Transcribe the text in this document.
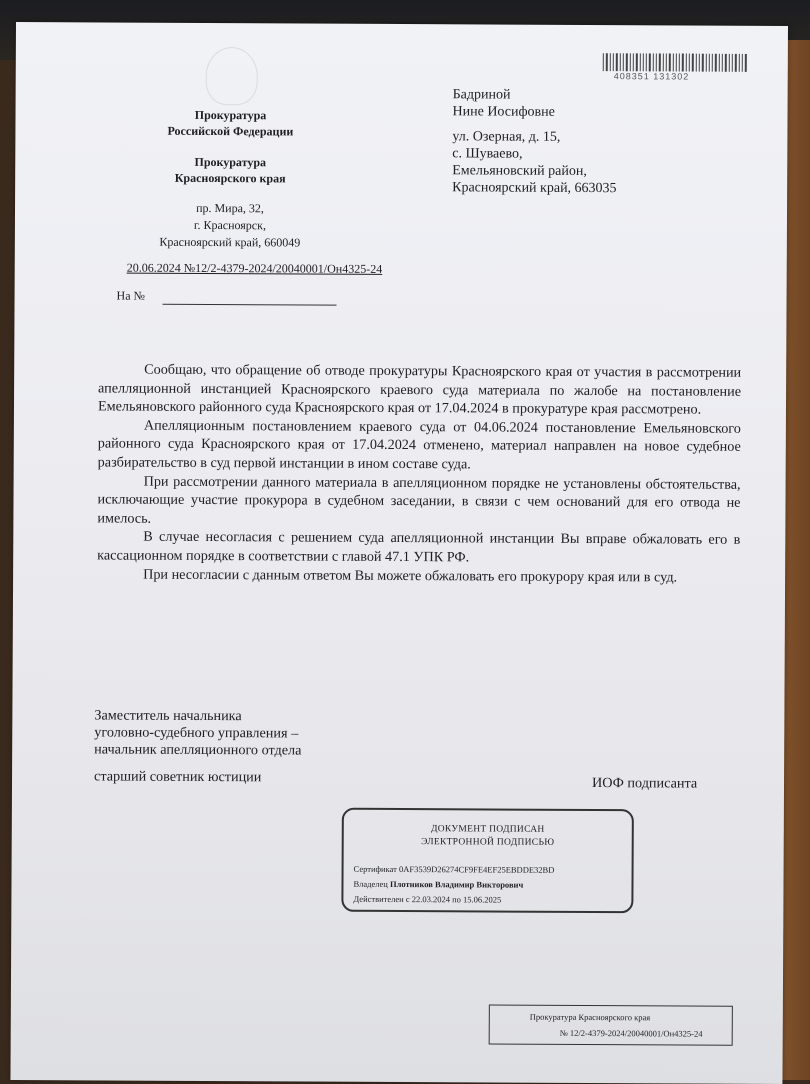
408351 131302
Прокуратура
Российской Федерации
Прокуратура
Красноярского края
пр. Мира, 32,
г. Красноярск,
Красноярский край, 660049
Бадриной
Нине Иосифовне
ул. Озерная, д. 15,
с. Шуваево,
Емельяновский район,
Красноярский край, 663035
20.06.2024 №12/2-4379-2024/20040001/Он4325-24
На №

Сообщаю, что обращение об отводе прокуратуры Красноярского края от участия в рассмотрении апелляционной инстанцией Красноярского краевого суда материала по жалобе на постановление Емельяновского районного суда Красноярского края от 17.04.2024 в прокуратуре края рассмотрено.

Апелляционным постановлением краевого суда от 04.06.2024 постановление Емельяновского районного суда Красноярского края от 17.04.2024 отменено, материал направлен на новое судебное разбирательство в суд первой инстанции в ином составе суда.

При рассмотрении данного материала в апелляционном порядке не установлены обстоятельства, исключающие участие прокурора в судебном заседании, в связи с чем оснований для его отвода не имелось.

В случае несогласия с решением суда апелляционной инстанции Вы вправе обжаловать его в кассационном порядке в соответствии с главой 47.1 УПК РФ.

При несогласии с данным ответом Вы можете обжаловать его прокурору края или в суд.

Заместитель начальника
уголовно-судебного управления –
начальник апелляционного отдела
старший советник юстиции	ИОФ подписанта
ДОКУМЕНТ ПОДПИСАН
ЭЛЕКТРОННОЙ ПОДПИСЬЮ
Сертификат 0AF3539D26274CF9FE4EF25EBDDE32BD
Владелец Плотников Владимир Викторович
Действителен с 22.03.2024 по 15.06.2025
Прокуратура Красноярского края
№ 12/2-4379-2024/20040001/Он4325-24
